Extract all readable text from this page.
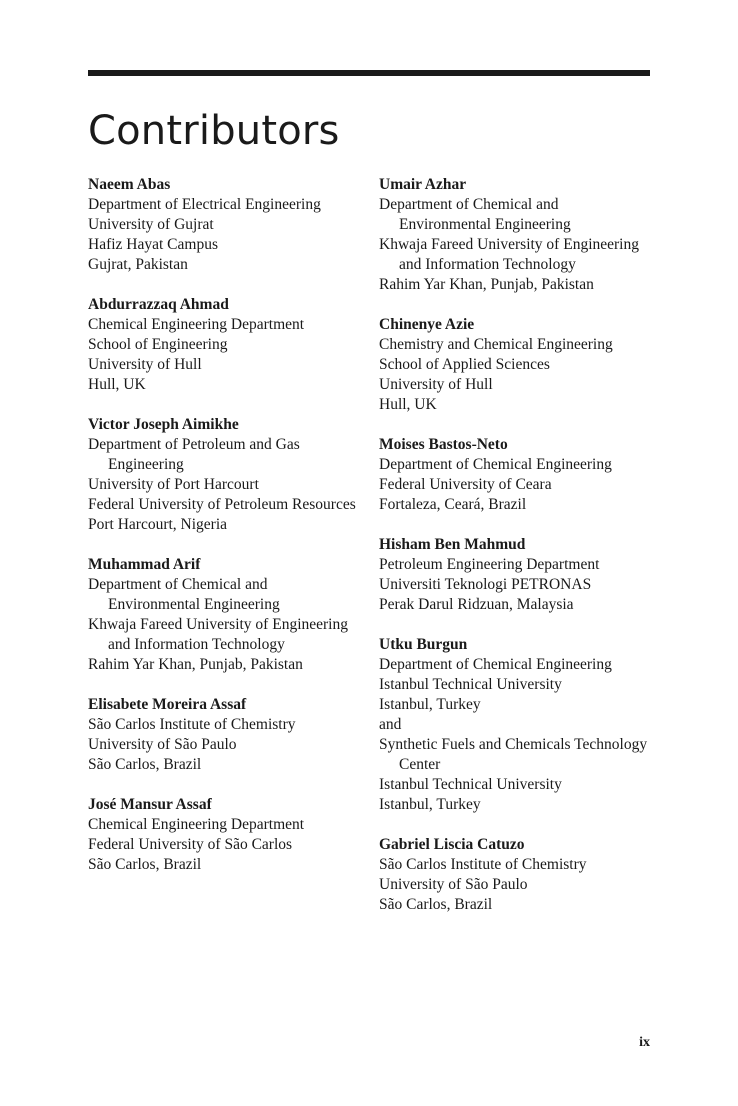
Contributors
Naeem Abas
Department of Electrical Engineering
University of Gujrat
Hafiz Hayat Campus
Gujrat, Pakistan
Abdurrazzaq Ahmad
Chemical Engineering Department
School of Engineering
University of Hull
Hull, UK
Victor Joseph Aimikhe
Department of Petroleum and Gas Engineering
University of Port Harcourt
Federal University of Petroleum Resources
Port Harcourt, Nigeria
Muhammad Arif
Department of Chemical and Environmental Engineering
Khwaja Fareed University of Engineering and Information Technology
Rahim Yar Khan, Punjab, Pakistan
Elisabete Moreira Assaf
São Carlos Institute of Chemistry
University of São Paulo
São Carlos, Brazil
José Mansur Assaf
Chemical Engineering Department
Federal University of São Carlos
São Carlos, Brazil
Umair Azhar
Department of Chemical and Environmental Engineering
Khwaja Fareed University of Engineering and Information Technology
Rahim Yar Khan, Punjab, Pakistan
Chinenye Azie
Chemistry and Chemical Engineering
School of Applied Sciences
University of Hull
Hull, UK
Moises Bastos-Neto
Department of Chemical Engineering
Federal University of Ceara
Fortaleza, Ceará, Brazil
Hisham Ben Mahmud
Petroleum Engineering Department
Universiti Teknologi PETRONAS
Perak Darul Ridzuan, Malaysia
Utku Burgun
Department of Chemical Engineering
Istanbul Technical University
Istanbul, Turkey
and
Synthetic Fuels and Chemicals Technology Center
Istanbul Technical University
Istanbul, Turkey
Gabriel Liscia Catuzo
São Carlos Institute of Chemistry
University of São Paulo
São Carlos, Brazil
ix
